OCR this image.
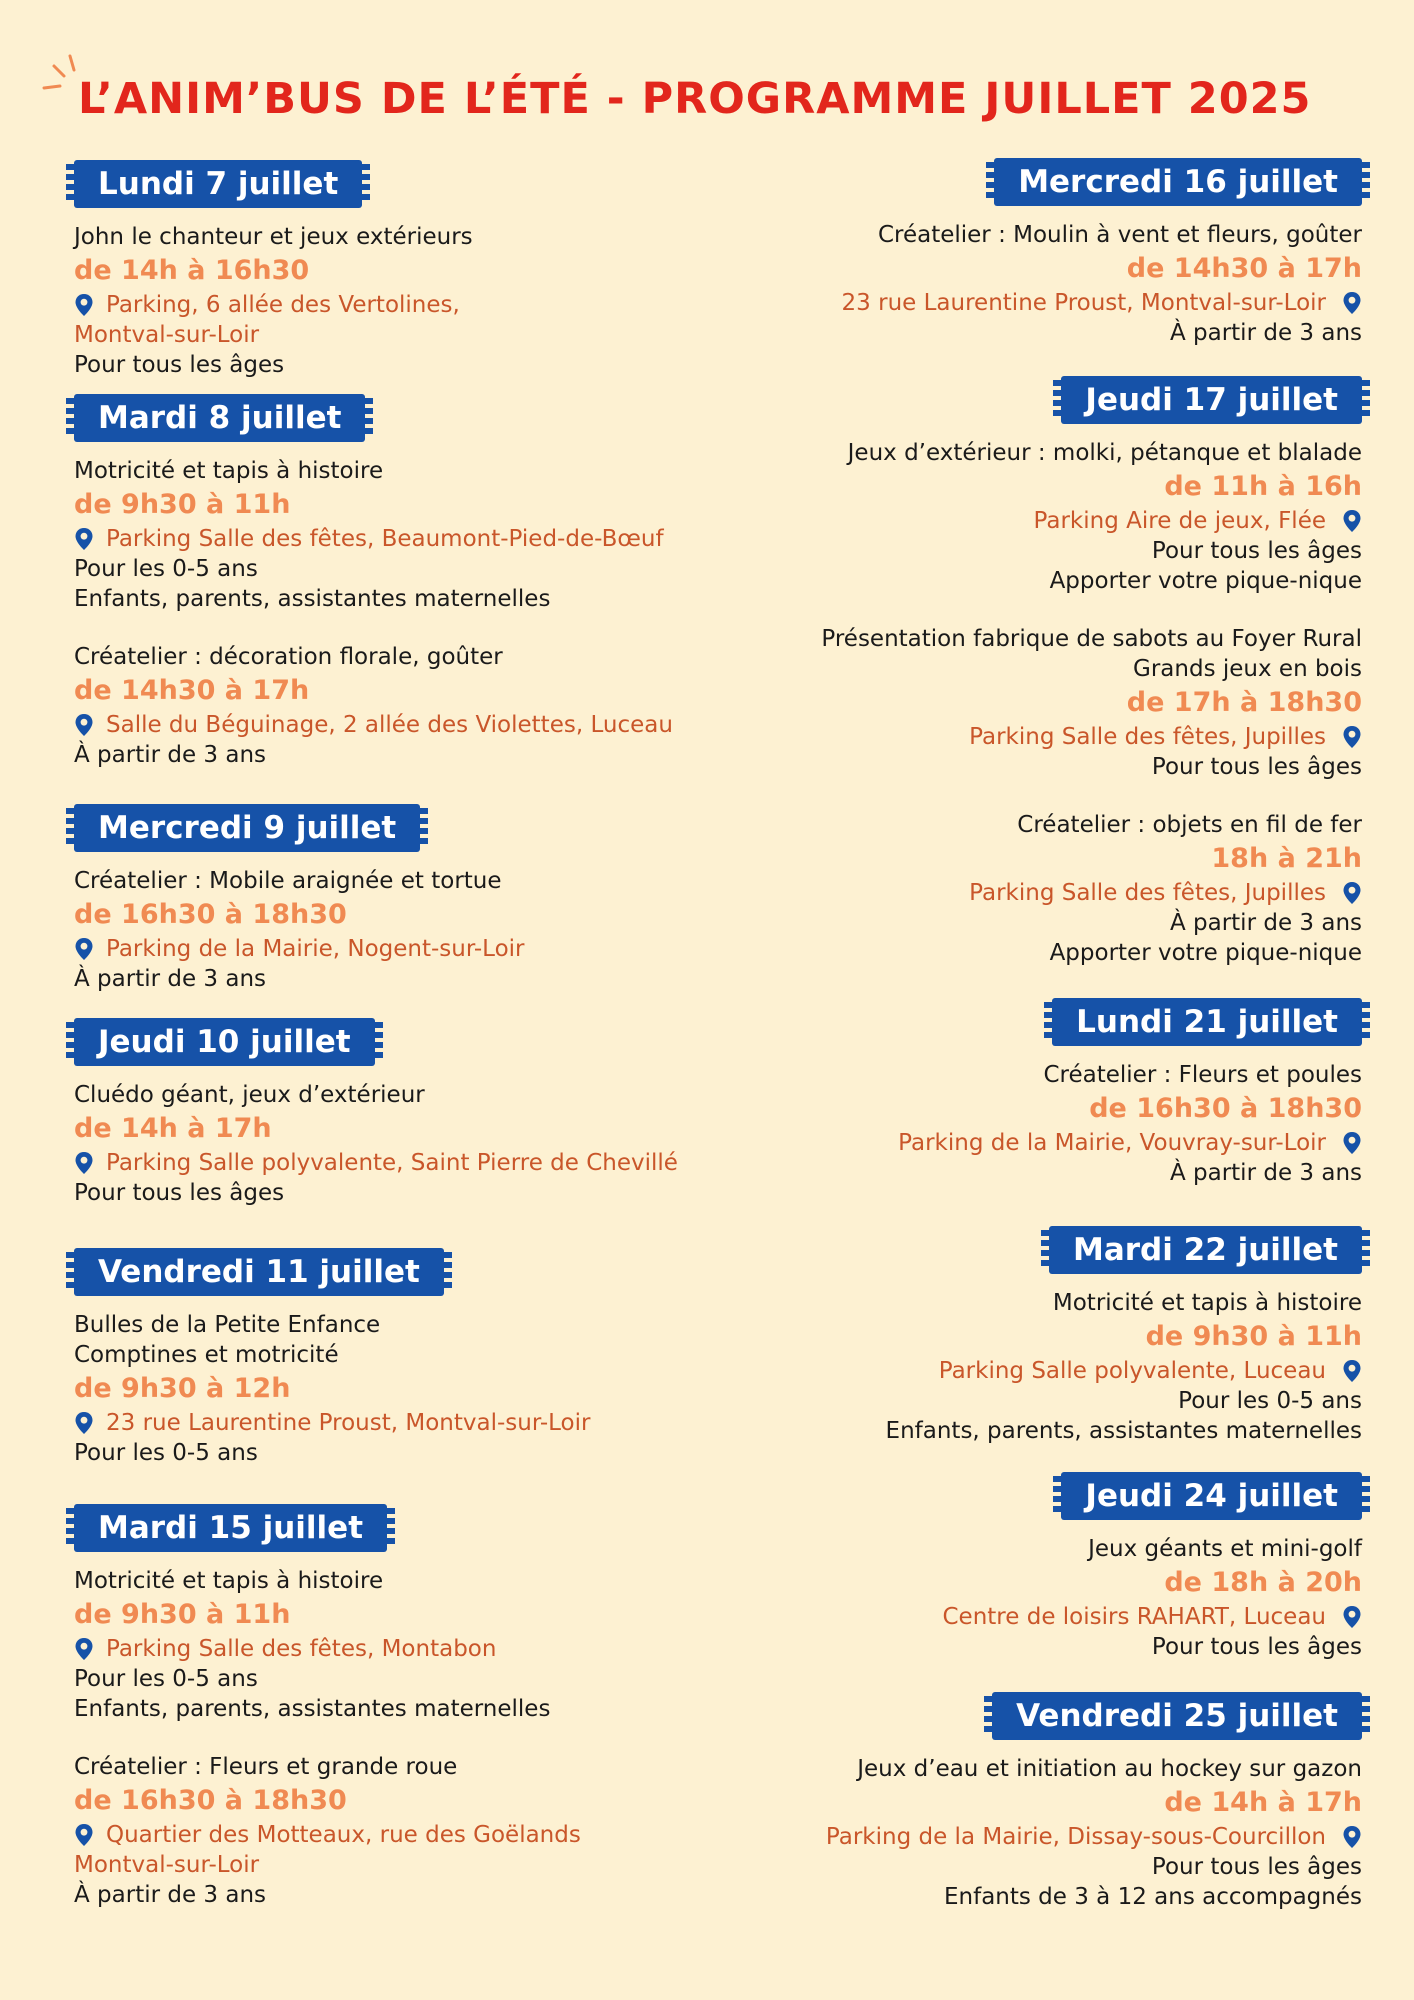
L’ANIM’BUS DE L’ÉTÉ - PROGRAMME JUILLET 2025
Lundi 7 juillet
John le chanteur et jeux extérieurs
de 14h à 16h30
Parking, 6 allée des Vertolines,
Montval-sur-Loir
Pour tous les âges
Mardi 8 juillet
Motricité et tapis à histoire
de 9h30 à 11h
Parking Salle des fêtes, Beaumont-Pied-de-Bœuf
Pour les 0-5 ans
Enfants, parents, assistantes maternelles
Créatelier : décoration florale, goûter
de 14h30 à 17h
Salle du Béguinage, 2 allée des Violettes, Luceau
À partir de 3 ans
Mercredi 9 juillet
Créatelier : Mobile araignée et tortue
de 16h30 à 18h30
Parking de la Mairie, Nogent-sur-Loir
À partir de 3 ans
Jeudi 10 juillet
Cluédo géant, jeux d’extérieur
de 14h à 17h
Parking Salle polyvalente, Saint Pierre de Chevillé
Pour tous les âges
Vendredi 11 juillet
Bulles de la Petite Enfance
Comptines et motricité
de 9h30 à 12h
23 rue Laurentine Proust, Montval-sur-Loir
Pour les 0-5 ans
Mardi 15 juillet
Motricité et tapis à histoire
de 9h30 à 11h
Parking Salle des fêtes, Montabon
Pour les 0-5 ans
Enfants, parents, assistantes maternelles
Créatelier : Fleurs et grande roue
de 16h30 à 18h30
Quartier des Motteaux, rue des Goëlands
Montval-sur-Loir
À partir de 3 ans
Mercredi 16 juillet
Créatelier : Moulin à vent et fleurs, goûter
de 14h30 à 17h
23 rue Laurentine Proust, Montval-sur-Loir
À partir de 3 ans
Jeudi 17 juillet
Jeux d’extérieur : molki, pétanque et blalade
de 11h à 16h
Parking Aire de jeux, Flée
Pour tous les âges
Apporter votre pique-nique
Présentation fabrique de sabots au Foyer Rural
Grands jeux en bois
de 17h à 18h30
Parking Salle des fêtes, Jupilles
Pour tous les âges
Créatelier : objets en fil de fer
18h à 21h
Parking Salle des fêtes, Jupilles
À partir de 3 ans
Apporter votre pique-nique
Lundi 21 juillet
Créatelier : Fleurs et poules
de 16h30 à 18h30
Parking de la Mairie, Vouvray-sur-Loir
À partir de 3 ans
Mardi 22 juillet
Motricité et tapis à histoire
de 9h30 à 11h
Parking Salle polyvalente, Luceau
Pour les 0-5 ans
Enfants, parents, assistantes maternelles
Jeudi 24 juillet
Jeux géants et mini-golf
de 18h à 20h
Centre de loisirs RAHART, Luceau
Pour tous les âges
Vendredi 25 juillet
Jeux d’eau et initiation au hockey sur gazon
de 14h à 17h
Parking de la Mairie, Dissay-sous-Courcillon
Pour tous les âges
Enfants de 3 à 12 ans accompagnés
